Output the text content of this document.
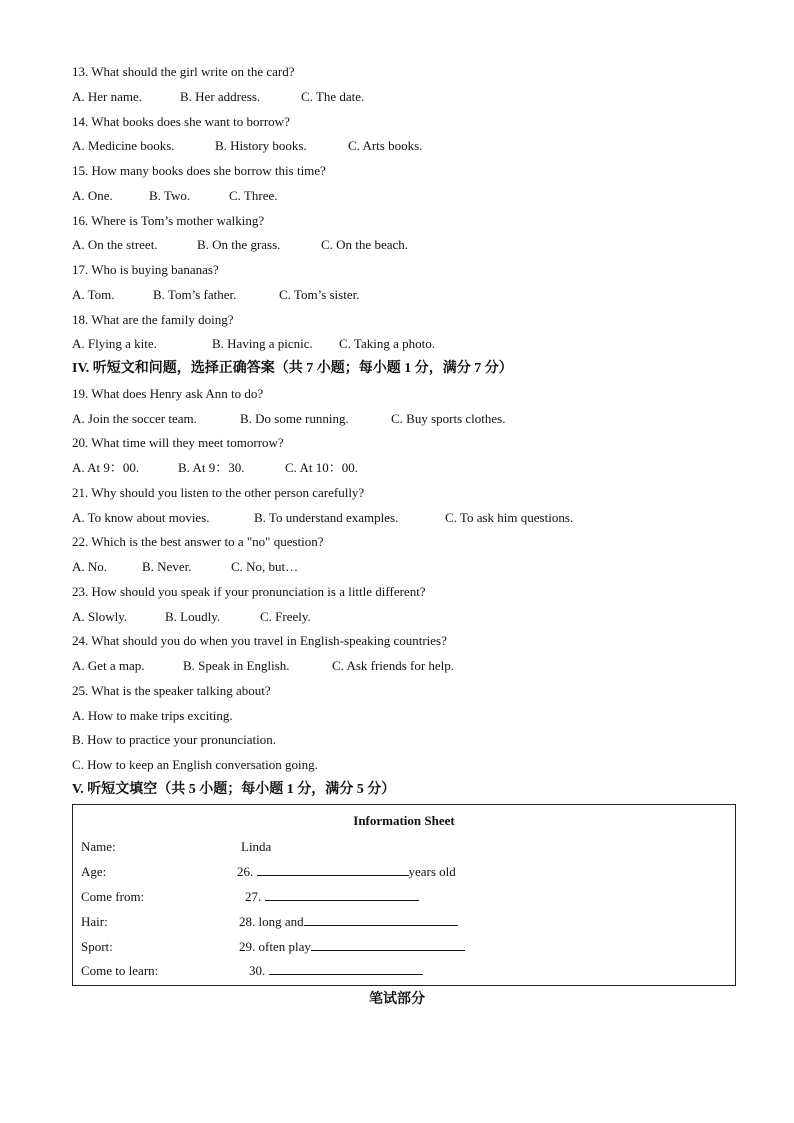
13. What should the girl write on the card?
A. Her name.	B. Her address.	C. The date.
14. What books does she want to borrow?
A. Medicine books.	B. History books.	C. Arts books.
15. How many books does she borrow this time?
A. One.	B. Two.	C. Three.
16. Where is Tom’s mother walking?
A. On the street.	B. On the grass.	C. On the beach.
17. Who is buying bananas?
A. Tom.	B. Tom’s father.	C. Tom’s sister.
18. What are the family doing?
A. Flying a kite.	B. Having a picnic. C. Taking a photo.
IV. 听短文和问题，选择正确答案（共 7 小题；每小题 1 分，满分 7 分）
19. What does Henry ask Ann to do?
A. Join the soccer team.	B. Do some running.	C. Buy sports clothes.
20. What time will they meet tomorrow?
A. At 9：00.	B. At 9：30.	C. At 10：00.
21. Why should you listen to the other person carefully?
A. To know about movies.	B. To understand examples.	C. To ask him questions.
22. Which is the best answer to a "no" question?
A. No.	B. Never.	C. No, but…
23. How should you speak if your pronunciation is a little different?
A. Slowly.	B. Loudly.	C. Freely.
24. What should you do when you travel in English-speaking countries?
A. Get a map.	B. Speak in English.	C. Ask friends for help.
25. What is the speaker talking about?
A. How to make trips exciting.
B. How to practice your pronunciation.
C. How to keep an English conversation going.
V. 听短文填空（共 5 小题；每小题 1 分，满分 5 分）
Information Sheet
Name:	Linda
Age:	26.	years old
Come from:	27.
Hair:	28. long and
Sport:	29. often play
Come to learn:	30.
笔试部分
